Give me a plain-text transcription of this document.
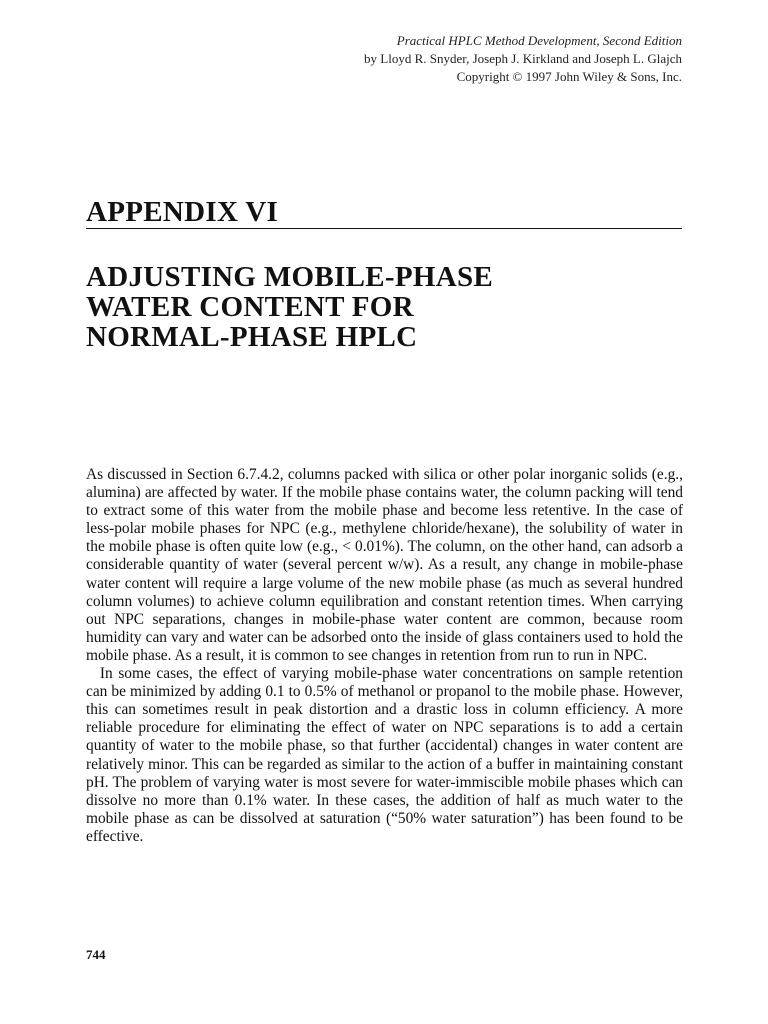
Practical HPLC Method Development, Second Edition
by Lloyd R. Snyder, Joseph J. Kirkland and Joseph L. Glajch
Copyright © 1997 John Wiley & Sons, Inc.
APPENDIX VI
ADJUSTING MOBILE-PHASE
WATER CONTENT FOR
NORMAL-PHASE HPLC

As discussed in Section 6.7.4.2, columns packed with silica or other polar inorganic solids (e.g., alumina) are affected by water. If the mobile phase contains water, the column packing will tend to extract some of this water from the mobile phase and become less retentive. In the case of less-polar mobile phases for NPC (e.g., methylene chloride/hexane), the solubility of water in the mobile phase is often quite low (e.g., < 0.01%). The column, on the other hand, can adsorb a considerable quantity of water (several percent w/w). As a result, any change in mobile-phase water content will require a large volume of the new mobile phase (as much as several hundred column volumes) to achieve column equilibration and constant retention times. When carrying out NPC separations, changes in mobile-phase water content are common, because room humidity can vary and water can be adsorbed onto the inside of glass containers used to hold the mobile phase. As a result, it is common to see changes in retention from run to run in NPC.

In some cases, the effect of varying mobile-phase water concentrations on sample retention can be minimized by adding 0.1 to 0.5% of methanol or propanol to the mobile phase. However, this can sometimes result in peak distortion and a drastic loss in column efficiency. A more reliable procedure for eliminating the effect of water on NPC separations is to add a certain quantity of water to the mobile phase, so that further (accidental) changes in water content are relatively minor. This can be regarded as similar to the action of a buffer in maintaining constant pH. The problem of varying water is most severe for water-immiscible mobile phases which can dissolve no more than 0.1% water. In these cases, the addition of half as much water to the mobile phase as can be dissolved at saturation (“50% water saturation”) has been found to be effective.

744
